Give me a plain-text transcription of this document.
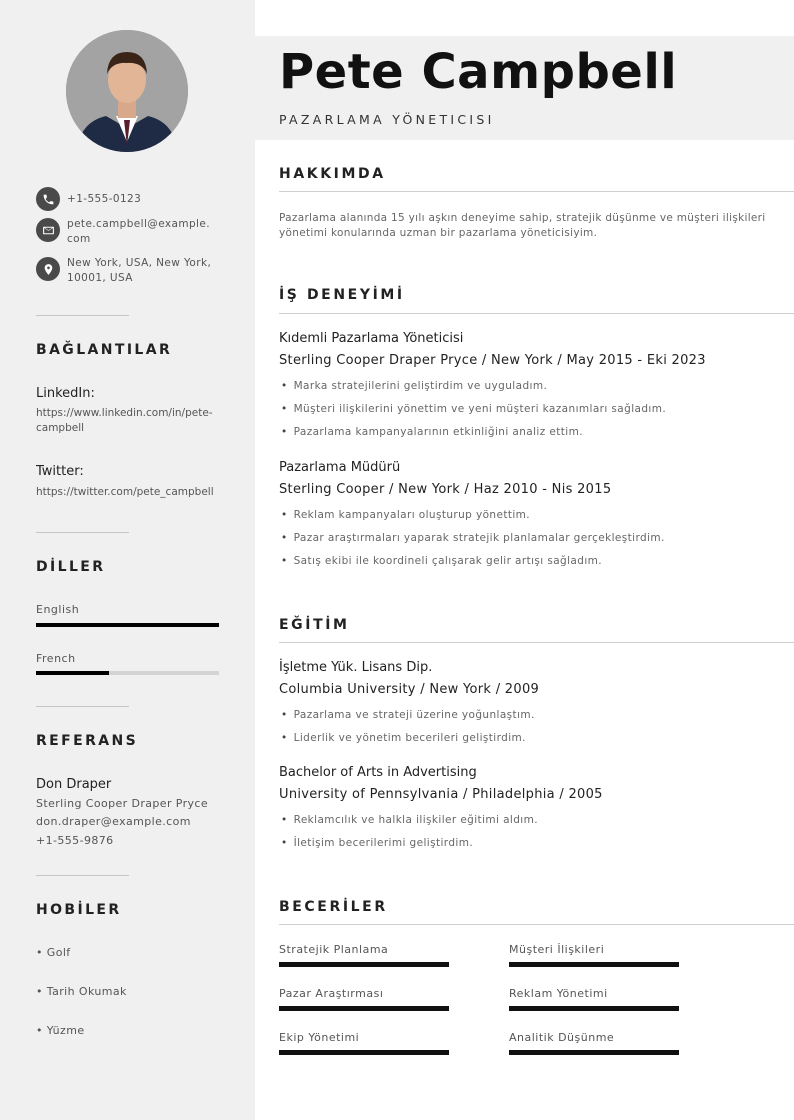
+1-555-0123
pete.campbell@example.com
New York, USA, New York, 10001, USA
BAĞLANTILAR
LinkedIn:
https://www.linkedin.com/in/pete-campbell
Twitter:
https://twitter.com/pete_campbell
DİLLER
English
French
REFERANS
Don Draper
Sterling Cooper Draper Pryce
don.draper@example.com
+1-555-9876
HOBİLER
• Golf
• Tarih Okumak
• Yüzme
Pete Campbell
PAZARLAMA YÖNETICISI
HAKKIMDA
Pazarlama alanında 15 yılı aşkın deneyime sahip, stratejik düşünme ve müşteri ilişkileri yönetimi konularında uzman bir pazarlama yöneticisiyim.
İŞ DENEYİMİ
Kıdemli Pazarlama Yöneticisi
Sterling Cooper Draper Pryce / New York / May 2015 - Eki 2023
• Marka stratejilerini geliştirdim ve uyguladım.
• Müşteri ilişkilerini yönettim ve yeni müşteri kazanımları sağladım.
• Pazarlama kampanyalarının etkinliğini analiz ettim.
Pazarlama Müdürü
Sterling Cooper / New York / Haz 2010 - Nis 2015
• Reklam kampanyaları oluşturup yönettim.
• Pazar araştırmaları yaparak stratejik planlamalar gerçekleştirdim.
• Satış ekibi ile koordineli çalışarak gelir artışı sağladım.
EĞİTİM
İşletme Yük. Lisans Dip.
Columbia University / New York / 2009
• Pazarlama ve strateji üzerine yoğunlaştım.
• Liderlik ve yönetim becerileri geliştirdim.
Bachelor of Arts in Advertising
University of Pennsylvania / Philadelphia / 2005
• Reklamcılık ve halkla ilişkiler eğitimi aldım.
• İletişim becerilerimi geliştirdim.
BECERİLER
Stratejik Planlama	Müşteri İlişkileri
Pazar Araştırması	Reklam Yönetimi
Ekip Yönetimi	Analitik Düşünme
